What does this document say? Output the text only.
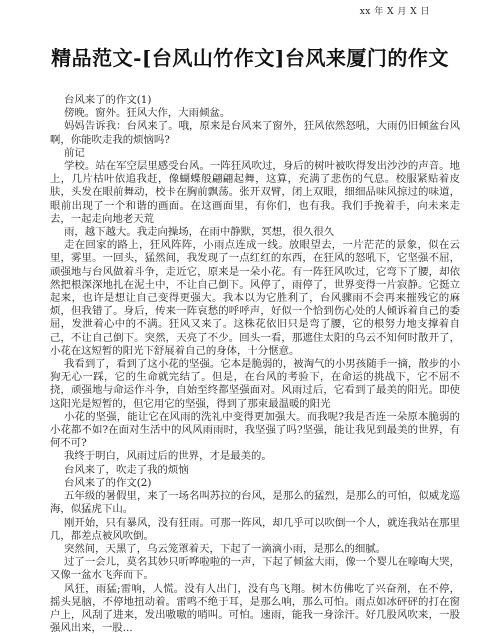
xx 年 X 月 X 日
精品范文-[台风山竹作文]台风来厦门的作文

台风来了的作文(1)

傍晚。窗外。狂风大作，大雨倾盆。

妈妈告诉我：台风来了。哦，原来是台风来了窗外，狂风依然怒吼，大雨仍旧倾盆台风啊，你能吹走我的烦恼吗?

前记

学校。站在军空层里感受台风。一阵狂风吹过，身后的树叶被吹得发出沙沙的声音。地上，几片枯叶依追我赶，像蝴蝶般翩翩起舞，这算，充满了悲伤的气息。校服紧贴着皮肤，头发在眼前舞动，校卡在胸前飘荡。张开双臂，闭上双眼，细细品味风掠过的味道，眼前出现了一个和谐的画面。在这画面里，有你们，也有我。我们手挽着手，向未来走去，一起走向地老天荒

雨，越下越大。我走向操场，在雨中静默，冥想，很久很久

走在回家的路上，狂风阵阵，小雨点连成一线。放眼望去，一片茫茫的景象，似在云里，雾里。一回头，猛然间，我发现了一点红红的东西，在狂风的怒吼下，它坚强不屈，顽强地与台风做着斗争，走近它，原来是一朵小花。有一阵狂风吹过，它弯下了腰，却依然把根深深地扎在泥土中，不让自己倒下。风停了，雨停了，世界变得一片寂静。它挺立起来，也许是想让自己变得更强大。我本以为它胜利了，台风骤雨不会再来摧残它的麻烦，但我错了。身后，传来一阵哀愁的呼呼声，好似一个恰到伤心处的人倾诉着自己的委屈，发泄着心中的不满。狂风又来了。这株花依旧只是弯了腰，它的根努力地支撑着自己，不让自己倒下。突然，天亮了不少。回头一看，那遮住太阳的乌云不知何时散开了，小花在这短暂的阳光下舒展着自己的身体，十分惬意。

我看到了，看到了这小花的坚强。它本是脆弱的，被淘气的小男孩随手一摘，散步的小狗无心一踩，它的生命就完结了。但是，在台风的考验下，在命运的挑战下，它不屈不挠，顽强地与命运作斗争，自始至终都坚强面对。风雨过后，它看到了最美的阳光。即使这阳光是短暂的，但它用它的坚强，得到了那束最温暖的阳光

小花的坚强，能让它在风雨的洗礼中变得更加强大。而我呢?我是否连一朵原本脆弱的小花都不如?在面对生活中的风风雨雨时，我坚强了吗?坚强，能让我见到最美的世界，有何不可?

我终于明白，风雨过后的世界，才是最美的。

台风来了，吹走了我的烦恼

台风来了的作文(2)

五年级的暑假里，来了一场名叫苏拉的台风，是那么的猛烈，是那么的可怕，似威龙巡海，似猛虎下山。

刚开始，只有暴风，没有狂雨。可那一阵风，却几乎可以吹倒一个人，就连我站在那里几，都差点被风吹倒。

突然间，天黑了，乌云笼罩着天，下起了一滴滴小雨，是那么的细腻。

过了一会儿，莫名其妙只听哗啦啦的一声，下起了倾盆大雨，像一个婴儿在嚎啕大哭，又像一盆水飞奔而下。

风狂，雨猛;雷响，人慌。没有人出门，没有鸟飞翔。树木仿佛吃了兴奋剂，在不停，摇头晃脑，不停地扭动着。雷鸣不绝于耳，是那么响，那么可怕。雨点如冰砰砰的打在窗户上，风刮了进来，发出嗷嗷的哨叫。可怕。速雨，能我一身涂汗。好几股风吹来，一股强风出来，一股...
